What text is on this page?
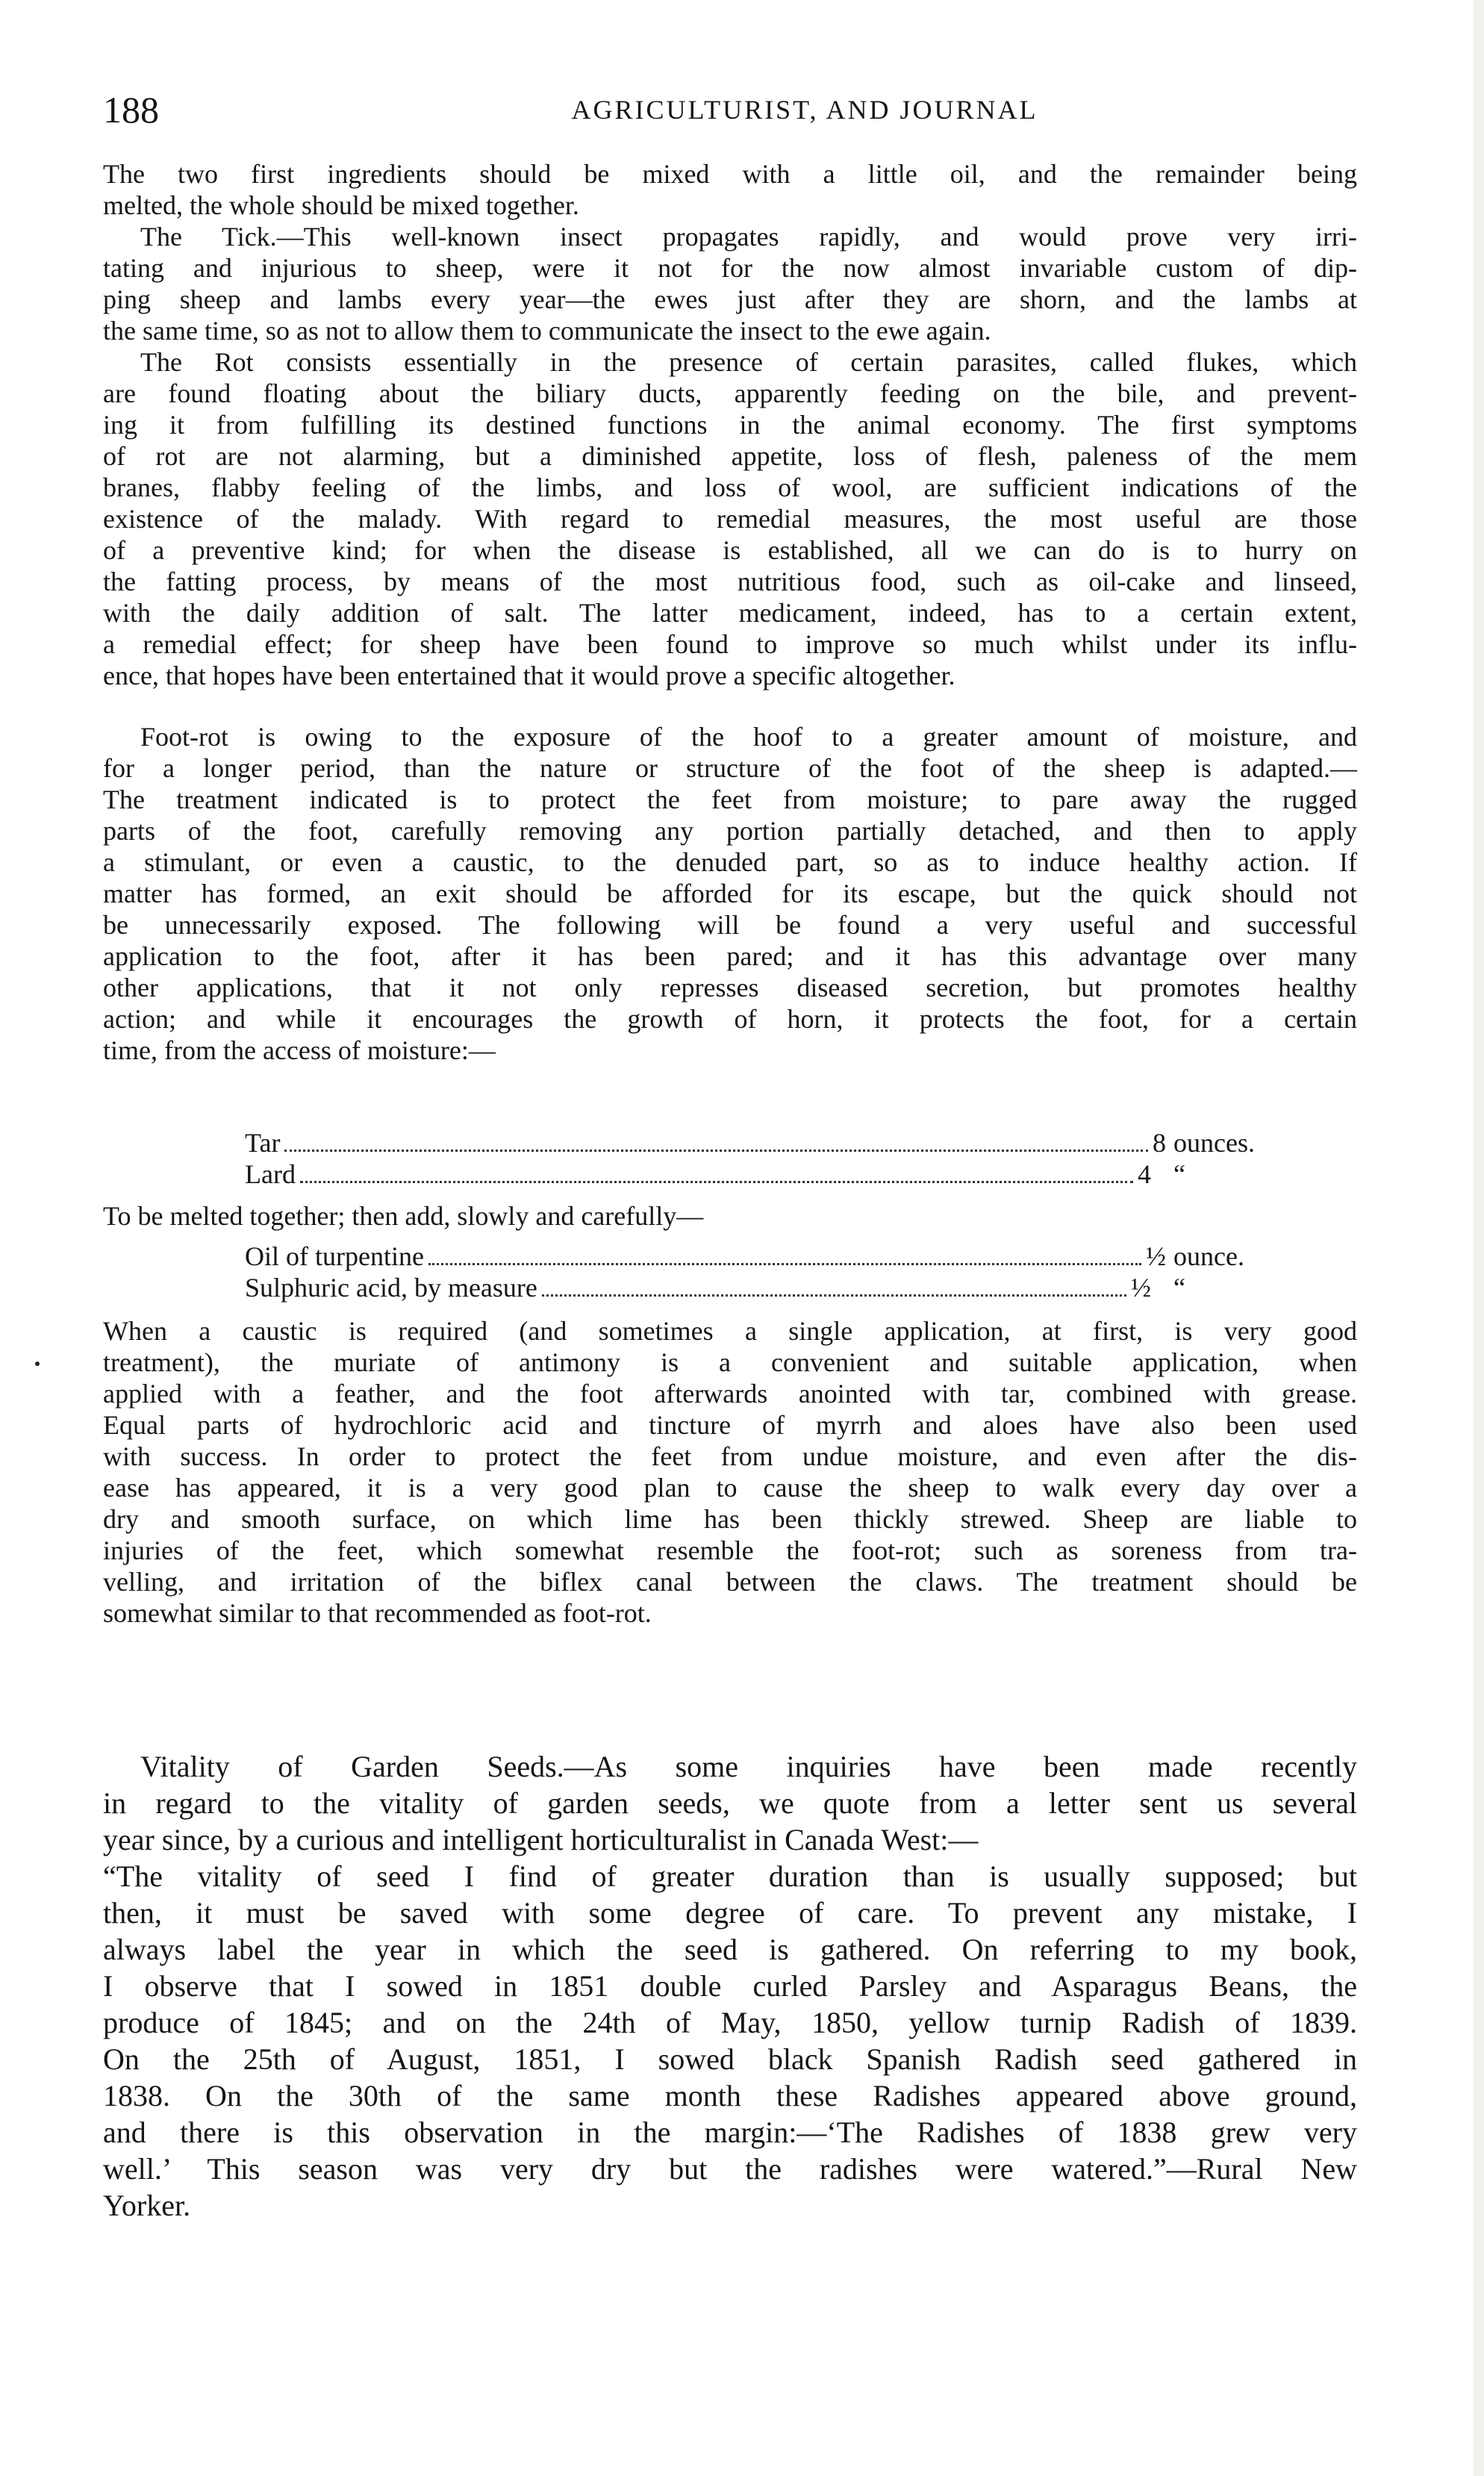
188	AGRICULTURIST, AND JOURNAL
The two first ingredients should be mixed with a little oil, and the remainder being
melted, the whole should be mixed together.
The Tick.—This well-known insect propagates rapidly, and would prove very irri-
tating and injurious to sheep, were it not for the now almost invariable custom of dip-
ping sheep and lambs every year—the ewes just after they are shorn, and the lambs at
the same time, so as not to allow them to communicate the insect to the ewe again.
The Rot consists essentially in the presence of certain parasites, called flukes, which
are found floating about the biliary ducts, apparently feeding on the bile, and prevent-
ing it from fulfilling its destined functions in the animal economy. The first symptoms
of rot are not alarming, but a diminished appetite, loss of flesh, paleness of the mem
branes, flabby feeling of the limbs, and loss of wool, are sufficient indications of the
existence of the malady. With regard to remedial measures, the most useful are those
of a preventive kind; for when the disease is established, all we can do is to hurry on
the fatting process, by means of the most nutritious food, such as oil-cake and linseed,
with the daily addition of salt. The latter medicament, indeed, has to a certain extent,
a remedial effect; for sheep have been found to improve so much whilst under its influ-
ence, that hopes have been entertained that it would prove a specific altogether.
Foot-rot is owing to the exposure of the hoof to a greater amount of moisture, and
for a longer period, than the nature or structure of the foot of the sheep is adapted.—
The treatment indicated is to protect the feet from moisture; to pare away the rugged
parts of the foot, carefully removing any portion partially detached, and then to apply
a stimulant, or even a caustic, to the denuded part, so as to induce healthy action. If
matter has formed, an exit should be afforded for its escape, but the quick should not
be unnecessarily exposed. The following will be found a very useful and successful
application to the foot, after it has been pared; and it has this advantage over many
other applications, that it not only represses diseased secretion, but promotes healthy
action; and while it encourages the growth of horn, it protects the foot, for a certain
time, from the access of moisture:—
Tar	8 ounces.
Lard	4 “
To be melted together; then add, slowly and carefully—
Oil of turpentine	½ ounce.
Sulphuric acid, by measure	½ “
When a caustic is required (and sometimes a single application, at first, is very good
treatment), the muriate of antimony is a convenient and suitable application, when
applied with a feather, and the foot afterwards anointed with tar, combined with grease.
Equal parts of hydrochloric acid and tincture of myrrh and aloes have also been used
with success. In order to protect the feet from undue moisture, and even after the dis-
ease has appeared, it is a very good plan to cause the sheep to walk every day over a
dry and smooth surface, on which lime has been thickly strewed. Sheep are liable to
injuries of the feet, which somewhat resemble the foot-rot; such as soreness from tra-
velling, and irritation of the biflex canal between the claws. The treatment should be
somewhat similar to that recommended as foot-rot.
Vitality of Garden Seeds.—As some inquiries have been made recently
in regard to the vitality of garden seeds, we quote from a letter sent us several
year since, by a curious and intelligent horticulturalist in Canada West:—
“The vitality of seed I find of greater duration than is usually supposed; but
then, it must be saved with some degree of care. To prevent any mistake, I
always label the year in which the seed is gathered. On referring to my book,
I observe that I sowed in 1851 double curled Parsley and Asparagus Beans, the
produce of 1845; and on the 24th of May, 1850, yellow turnip Radish of 1839.
On the 25th of August, 1851, I sowed black Spanish Radish seed gathered in
1838. On the 30th of the same month these Radishes appeared above ground,
and there is this observation in the margin:—‘The Radishes of 1838 grew very
well.’ This season was very dry but the radishes were watered.”—Rural New
Yorker.
